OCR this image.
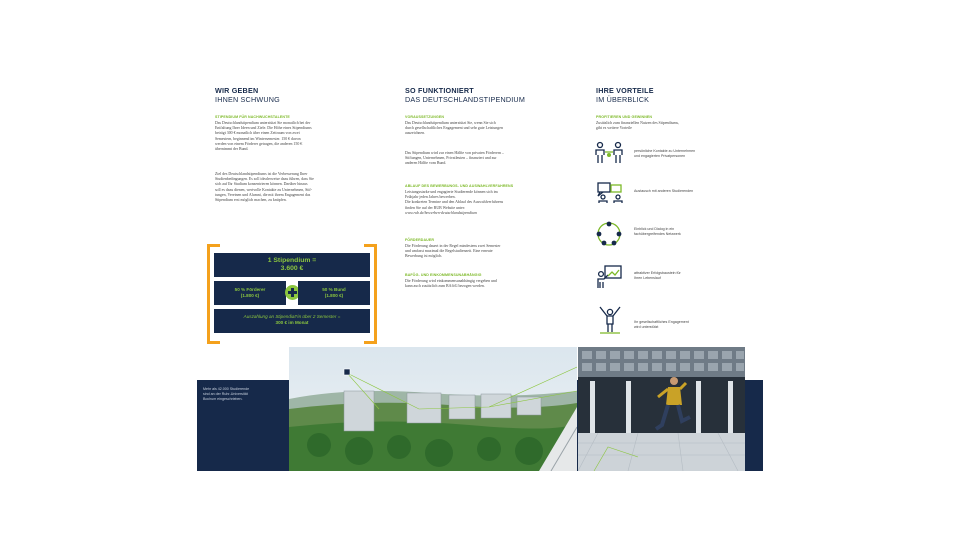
WIR GEBEN
IHNEN SCHWUNG
STIPENDIUM FÜR NACHWUCHSTALENTE
Das Deutschlandstipendium unterstützt Sie monatlich bei der
Entfaltung Ihrer Ideen und Ziele. Die Höhe eines Stipendiums
beträgt 300 € monatlich über einen Zeitraum von zwei
Semestern, beginnend im Wintersemester. 150 € davon
werden von einem Förderer getragen, die anderen 150 €
übernimmt der Bund.
Ziel des Deutschlandstipendiums ist die Verbesserung Ihrer
Studienbedingungen. Es soll idealerweise dazu führen, dass Sie
sich auf Ihr Studium konzentrieren können. Darüber hinaus
soll es dazu dienen, wertvolle Kontakte zu Unternehmen, Stif-
tungen, Vereinen und Alumni, die mit ihrem Engagement das
Stipendium erst möglich machen, zu knüpfen.
1 Stipendium =
3.600 €
50 % Förderer
(1.800 €)
50 % Bund
(1.800 €)
Auszahlung an Stipendiat*in über 2 Semester =
300 € im Monat
SO FUNKTIONIERT
DAS DEUTSCHLANDSTIPENDIUM
VORAUSSETZUNGEN
Das Deutschlandstipendium unterstützt Sie, wenn Sie sich
durch gesellschaftliches Engagement und sehr gute Leistungen
auszeichnen.
Das Stipendium wird zur einen Hälfte von privaten Förderern –
Stiftungen, Unternehmen, Privatleuten – finanziert und zur
anderen Hälfte vom Bund.
ABLAUF DES BEWERBUNGS- UND AUSWAHLVERFAHRENS
Leistungsstarke und engagierte Studierende können sich im
Frühjahr jeden Jahres bewerben.
Die konkreten Termine und den Ablauf des Auswahlverfahrens
finden Sie auf der RUB Website unter:
www.rub.de/bewerben-deutschlandstipendium
FÖRDERDAUER
Die Förderung dauert in der Regel mindestens zwei Semester
und umfasst maximal die Regelstudienzeit. Eine erneute
Bewerbung ist möglich.
BAFÖG- UND EINKOMMENSUNABHÄNGIG
Die Förderung wird einkommensunabhängig vergeben und
kann auch zusätzlich zum BAföG bezogen werden.
IHRE VORTEILE
IM ÜBERBLICK
PROFITIEREN UND GEWINNEN
Zusätzlich zum finanziellen Nutzen des Stipendiums,
gibt es weitere Vorteile
persönliche Kontakte zu Unternehmen
und engagierten Privatpersonen
Austausch mit anderen Studierenden
Einblick und Dialog in ein
fachübergreifendes Netzwerk
attraktiver Erfolgsbaustein für
Ihren Lebenslauf
Ihr gesellschaftliches Engagement
wird unterstützt
Mehr als 42.000 Studierende
sind an der Ruhr-Universität
Bochum eingeschrieben.
